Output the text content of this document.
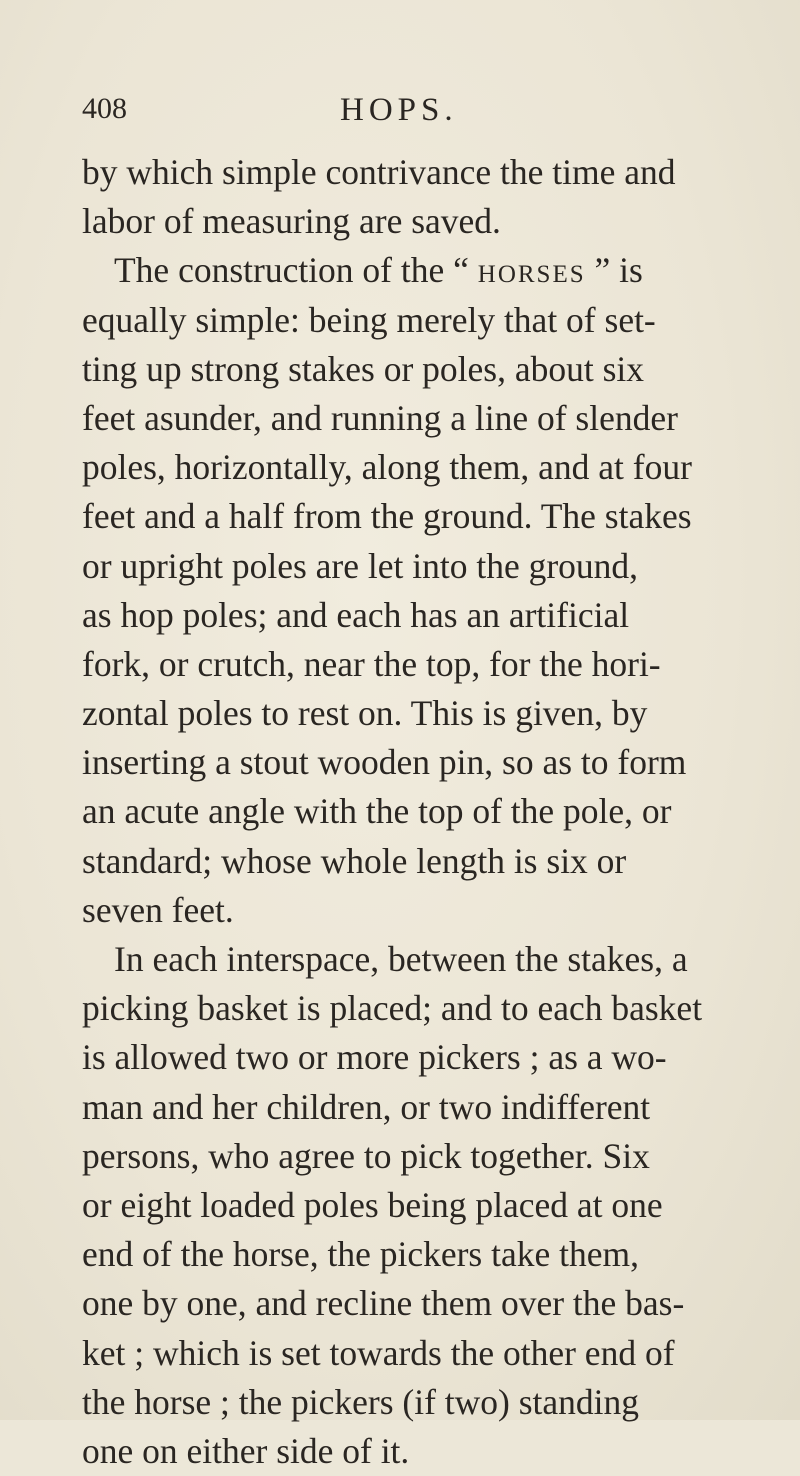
408	HOPS.
by which simple contrivance the time and
labor of measuring are saved.
The construction of the “ horses ” is
equally simple: being merely that of set-
ting up strong stakes or poles, about six
feet asunder, and running a line of slender
poles, horizontally, along them, and at four
feet and a half from the ground. The stakes
or upright poles are let into the ground,
as hop poles; and each has an artificial
fork, or crutch, near the top, for the hori-
zontal poles to rest on. This is given, by
inserting a stout wooden pin, so as to form
an acute angle with the top of the pole, or
standard; whose whole length is six or
seven feet.
In each interspace, between the stakes, a
picking basket is placed; and to each basket
is allowed two or more pickers ; as a wo-
man and her children, or two indifferent
persons, who agree to pick together. Six
or eight loaded poles being placed at one
end of the horse, the pickers take them,
one by one, and recline them over the bas-
ket ; which is set towards the other end of
the horse ; the pickers (if two) standing
one on either side of it.
